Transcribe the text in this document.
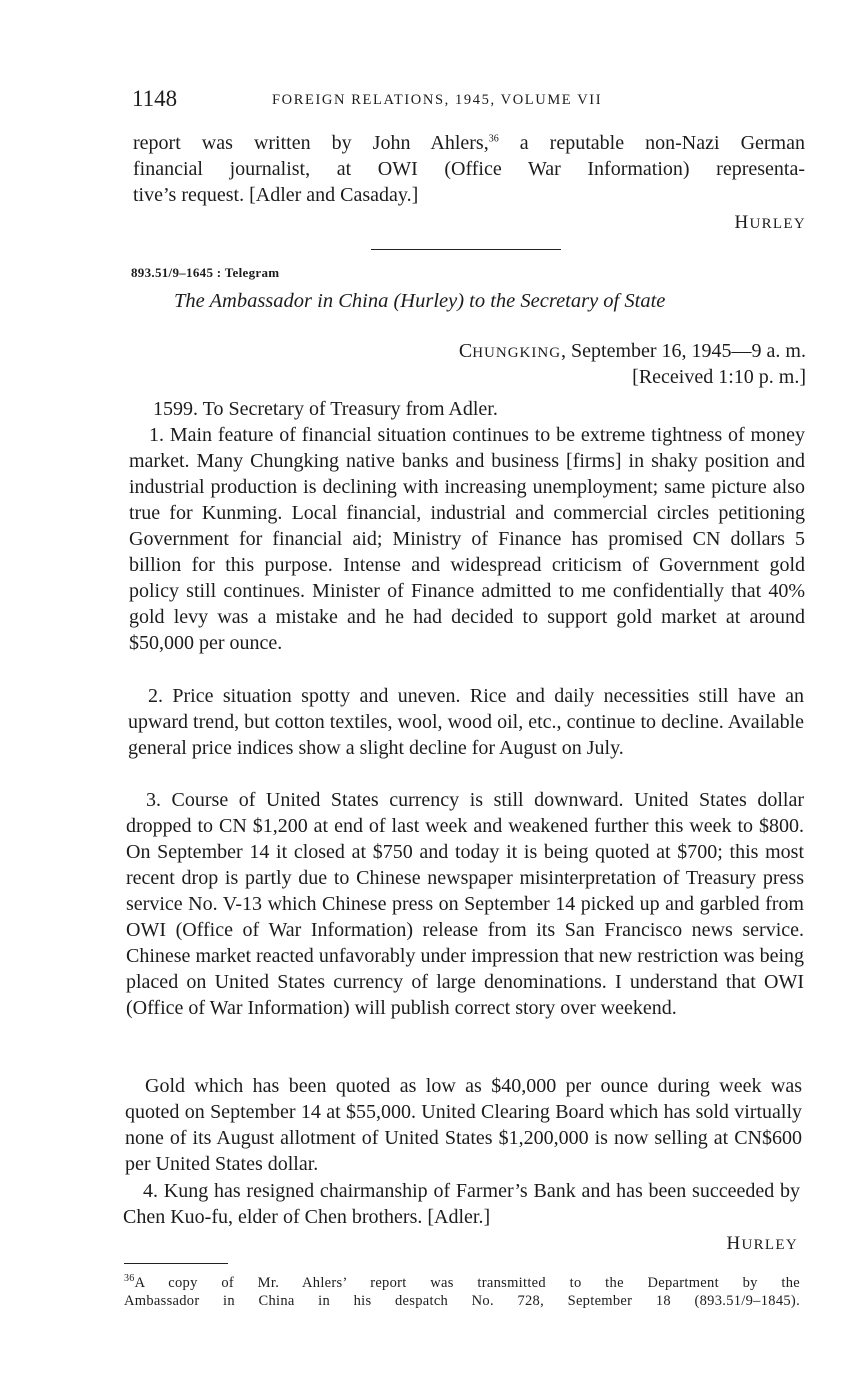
1148	FOREIGN RELATIONS, 1945, VOLUME VII

report was written by John Ahlers,$^{36}$ a reputable non-Nazi German

financial journalist, at OWI (Office War Information) representa-

tive’s request. [Adler and Casaday.]

HURLEY
893.51/9–1645 : Telegram
The Ambassador in China (Hurley) to the Secretary of State
CHUNGKING, September 16, 1945—9 a. m.
[Received 1:10 p. m.]
1599. To Secretary of Treasury from Adler.

1. Main feature of financial situation continues to be extreme tightness of money market. Many Chungking native banks and business [firms] in shaky position and industrial production is declining with increasing unemployment; same picture also true for Kunming. Local financial, industrial and commercial circles petitioning Government for financial aid; Ministry of Finance has promised CN dollars 5 billion for this purpose. Intense and widespread criticism of Government gold policy still continues. Minister of Finance admitted to me confidentially that 40% gold levy was a mistake and he had decided to support gold market at around $50,000 per ounce.

2. Price situation spotty and uneven. Rice and daily necessities still have an upward trend, but cotton textiles, wool, wood oil, etc., continue to decline. Available general price indices show a slight decline for August on July.

3. Course of United States currency is still downward. United States dollar dropped to CN $1,200 at end of last week and weakened further this week to $800. On September 14 it closed at $750 and today it is being quoted at $700; this most recent drop is partly due to Chinese newspaper misinterpretation of Treasury press service No. V-13 which Chinese press on September 14 picked up and garbled from OWI (Office of War Information) release from its San Francisco news service. Chinese market reacted unfavorably under impression that new restriction was being placed on United States currency of large denominations. I understand that OWI (Office of War Information) will publish correct story over weekend.

Gold which has been quoted as low as $40,000 per ounce during week was quoted on September 14 at $55,000. United Clearing Board which has sold virtually none of its August allotment of United States $1,200,000 is now selling at CN$600 per United States dollar.

4. Kung has resigned chairmanship of Farmer’s Bank and has been succeeded by Chen Kuo-fu, elder of Chen brothers. [Adler.]

HURLEY
$^{36}$A copy of Mr. Ahlers’ report was transmitted to the Department by the
Ambassador in China in his despatch No. 728, September 18 (893.51/9–1845).
